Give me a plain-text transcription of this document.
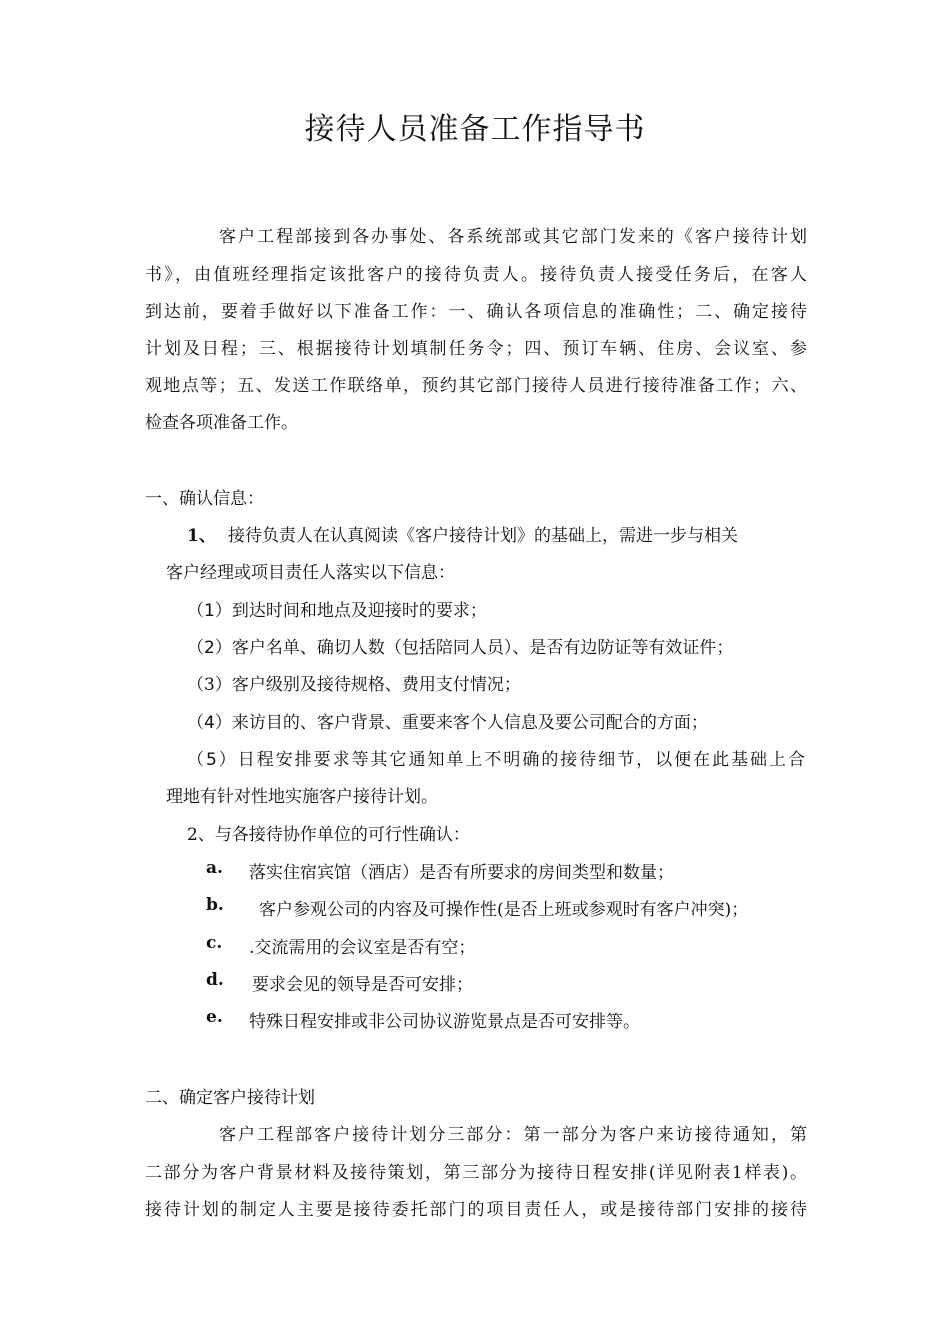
接待人员准备工作指导书
客户工程部接到各办事处、各系统部或其它部门发来的《客户接待计划
书》，由值班经理指定该批客户的接待负责人。接待负责人接受任务后，在客人
到达前，要着手做好以下准备工作：一、确认各项信息的准确性；二、确定接待
计划及日程；三、根据接待计划填制任务令；四、预订车辆、住房、会议室、参
观地点等；五、发送工作联络单，预约其它部门接待人员进行接待准备工作；六、
检查各项准备工作。
一、确认信息：
1、 接待负责人在认真阅读《客户接待计划》的基础上，需进一步与相关
客户经理或项目责任人落实以下信息：
（1）到达时间和地点及迎接时的要求；
（2）客户名单、确切人数（包括陪同人员）、是否有边防证等有效证件；
（3）客户级别及接待规格、费用支付情况；
（4）来访目的、客户背景、重要来客个人信息及要公司配合的方面；
（5）日程安排要求等其它通知单上不明确的接待细节，以便在此基础上合
理地有针对性地实施客户接待计划。
2、与各接待协作单位的可行性确认：
a.	落实住宿宾馆（酒店）是否有所要求的房间类型和数量；
b.	客户参观公司的内容及可操作性(是否上班或参观时有客户冲突)；
c.	.交流需用的会议室是否有空；
d.	要求会见的领导是否可安排；
e.	特殊日程安排或非公司协议游览景点是否可安排等。
二、确定客户接待计划
客户工程部客户接待计划分三部分：第一部分为客户来访接待通知，第
二部分为客户背景材料及接待策划，第三部分为接待日程安排(详见附表1样表)。
接待计划的制定人主要是接待委托部门的项目责任人，或是接待部门安排的接待
